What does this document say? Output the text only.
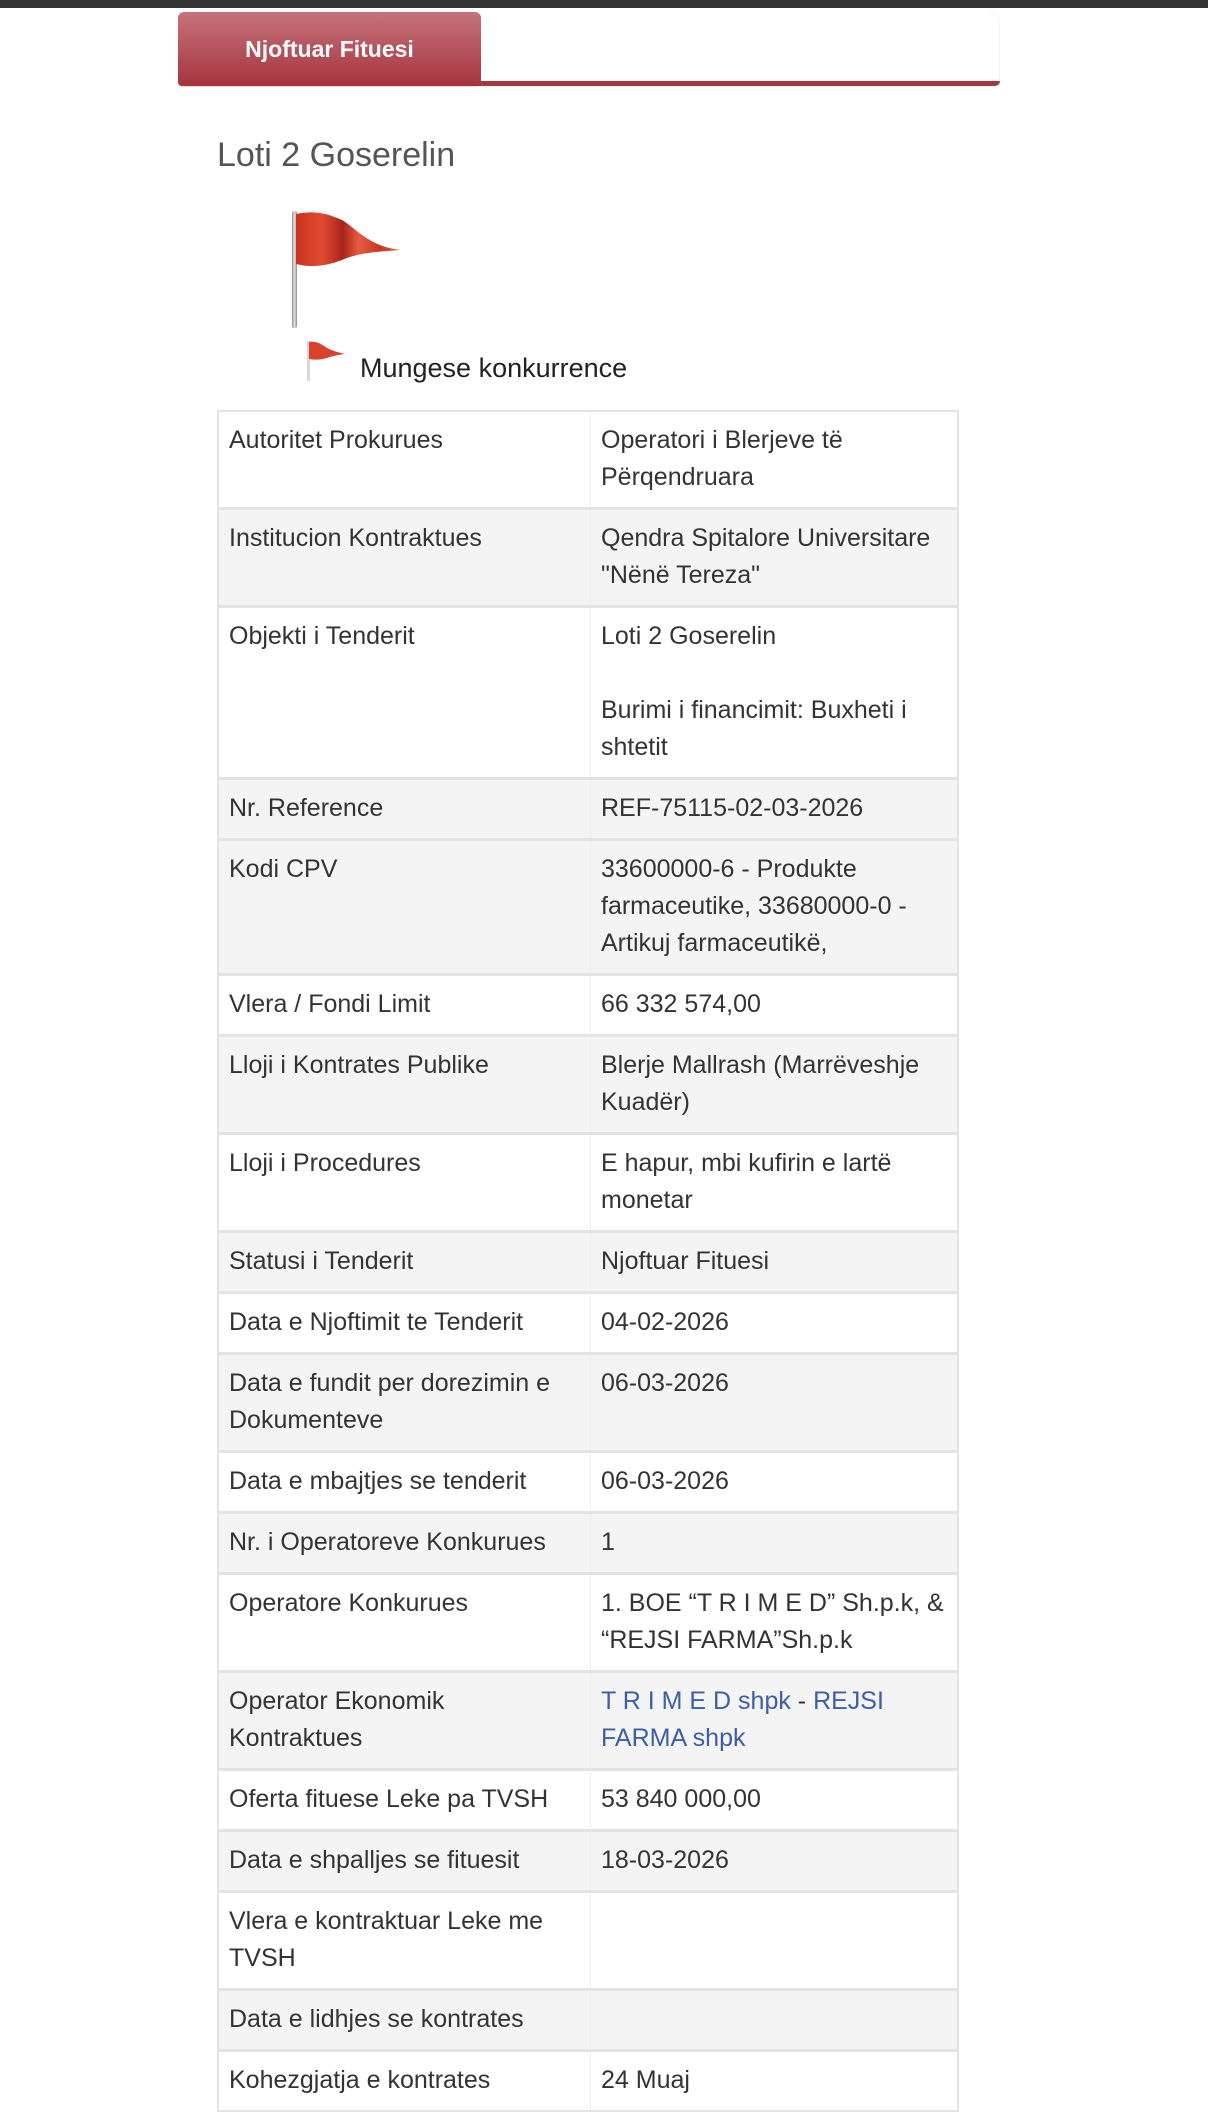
Njoftuar Fituesi
Loti 2 Goserelin
Mungese konkurrence
Autoritet Prokurues	Operatori i Blerjeve të Përqendruara
Institucion Kontraktues	Qendra Spitalore Universitare "Nënë Tereza"
Objekti i Tenderit	Loti 2 Goserelin
Burimi i financimit: Buxheti i shtetit

Nr. Reference	REF-75115-02-03-2026
Kodi CPV	33600000-6 - Produkte farmaceutike, 33680000-0 - Artikuj farmaceutikë,
Vlera / Fondi Limit	66 332 574,00
Lloji i Kontrates Publike	Blerje Mallrash (Marrëveshje Kuadër)
Lloji i Procedures	E hapur, mbi kufirin e lartë monetar
Statusi i Tenderit	Njoftuar Fituesi
Data e Njoftimit te Tenderit	04-02-2026
Data e fundit per dorezimin e Dokumenteve	06-03-2026
Data e mbajtjes se tenderit	06-03-2026
Nr. i Operatoreve Konkurues	1
Operatore Konkurues	1. BOE “T R I M E D” Sh.p.k, & “REJSI FARMA”Sh.p.k
Operator Ekonomik Kontraktues	T R I M E D shpk - REJSI FARMA shpk
Oferta fituese Leke pa TVSH	53 840 000,00
Data e shpalljes se fituesit	18-03-2026
Vlera e kontraktuar Leke me TVSH	
Data e lidhjes se kontrates	
Kohezgjatja e kontrates	24 Muaj
